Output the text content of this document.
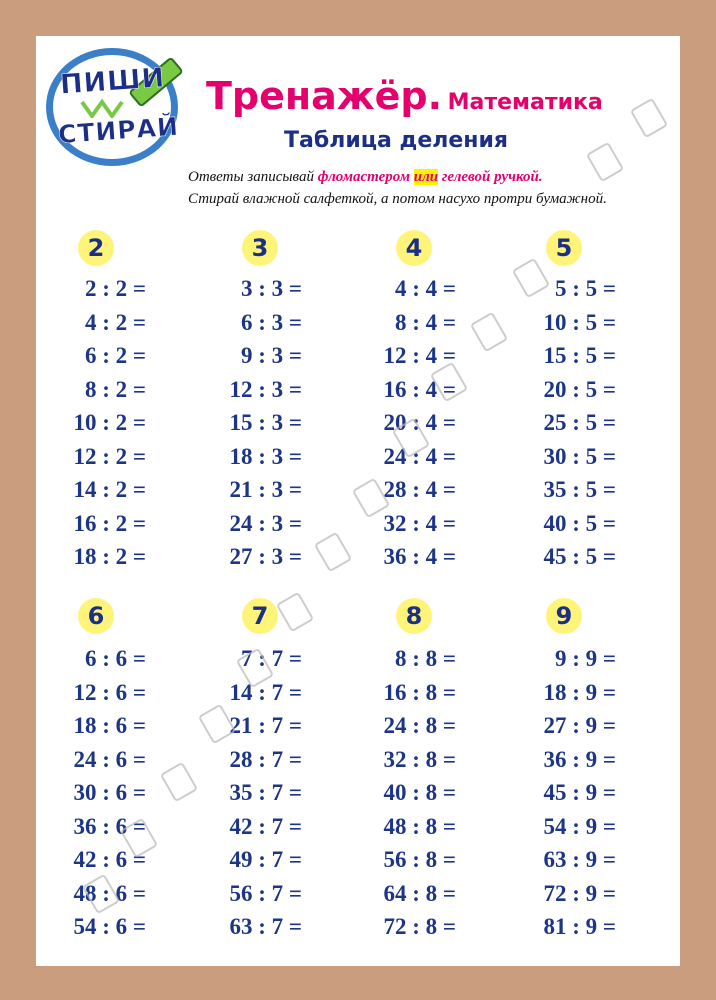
ПИШИ
СТИРАЙ
Тренажёр. Математика
Таблица деления
Ответы записывай фломастером или гелевой ручкой.
Стирай влажной салфеткой, а потом насухо протри бумажной.
2
2 : 2 =
4 : 2 =
6 : 2 =
8 : 2 =
10 : 2 =
12 : 2 =
14 : 2 =
16 : 2 =
18 : 2 =
3
3 : 3 =
6 : 3 =
9 : 3 =
12 : 3 =
15 : 3 =
18 : 3 =
21 : 3 =
24 : 3 =
27 : 3 =
4
4 : 4 =
8 : 4 =
12 : 4 =
16 : 4 =
20 : 4 =
24 : 4 =
28 : 4 =
32 : 4 =
36 : 4 =
5
5 : 5 =
10 : 5 =
15 : 5 =
20 : 5 =
25 : 5 =
30 : 5 =
35 : 5 =
40 : 5 =
45 : 5 =
6
6 : 6 =
12 : 6 =
18 : 6 =
24 : 6 =
30 : 6 =
36 : 6 =
42 : 6 =
48 : 6 =
54 : 6 =
7
7 : 7 =
14 : 7 =
21 : 7 =
28 : 7 =
35 : 7 =
42 : 7 =
49 : 7 =
56 : 7 =
63 : 7 =
8
8 : 8 =
16 : 8 =
24 : 8 =
32 : 8 =
40 : 8 =
48 : 8 =
56 : 8 =
64 : 8 =
72 : 8 =
9
9 : 9 =
18 : 9 =
27 : 9 =
36 : 9 =
45 : 9 =
54 : 9 =
63 : 9 =
72 : 9 =
81 : 9 =
